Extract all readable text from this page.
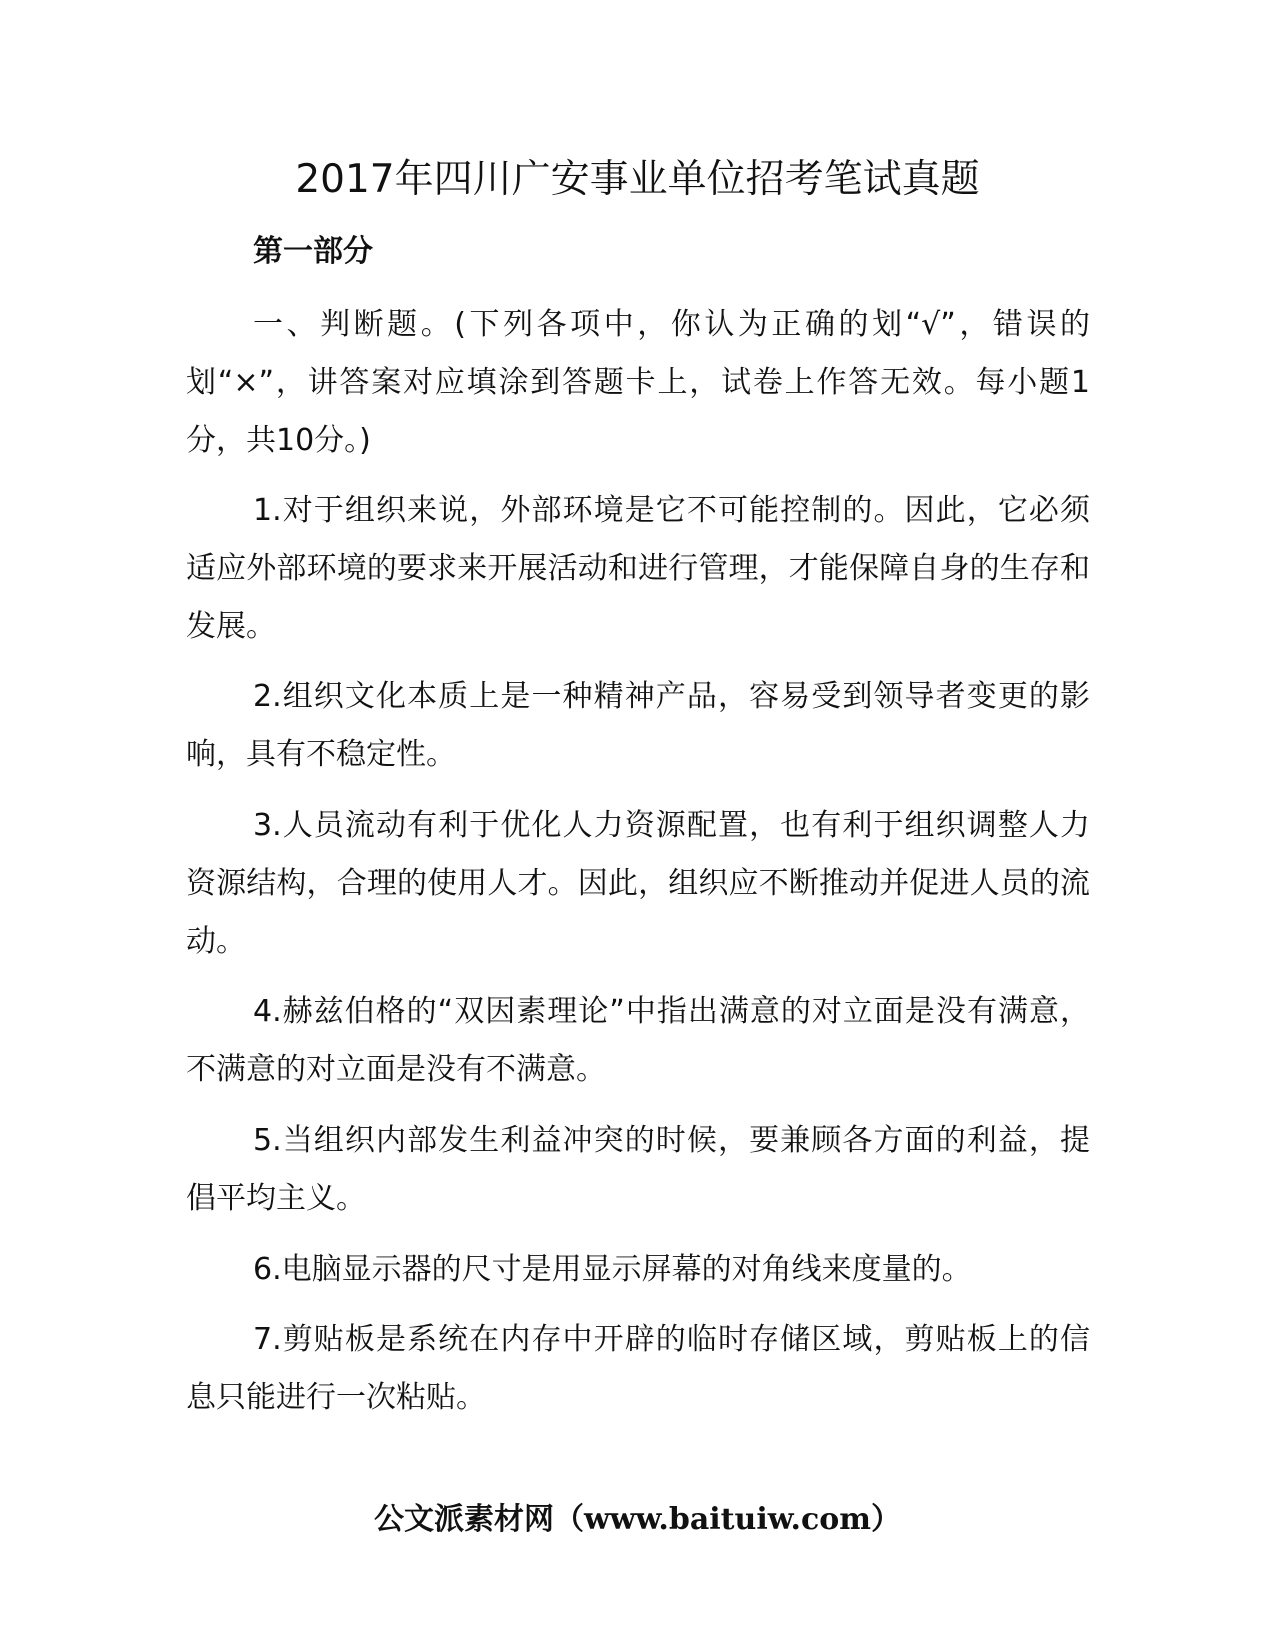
2017年四川广安事业单位招考笔试真题

第一部分

一、判断题。(下列各项中，你认为正确的划“√”，错误的划“×”，讲答案对应填涂到答题卡上，试卷上作答无效。每小题1分，共10分。)

1.对于组织来说，外部环境是它不可能控制的。因此，它必须适应外部环境的要求来开展活动和进行管理，才能保障自身的生存和发展。

2.组织文化本质上是一种精神产品，容易受到领导者变更的影响，具有不稳定性。

3.人员流动有利于优化人力资源配置，也有利于组织调整人力资源结构，合理的使用人才。因此，组织应不断推动并促进人员的流动。

4.赫兹伯格的“双因素理论”中指出满意的对立面是没有满意，不满意的对立面是没有不满意。

5.当组织内部发生利益冲突的时候，要兼顾各方面的利益，提倡平均主义。

6.电脑显示器的尺寸是用显示屏幕的对角线来度量的。

7.剪贴板是系统在内存中开辟的临时存储区域，剪贴板上的信息只能进行一次粘贴。

公文派素材网（www.baituiw.com）
